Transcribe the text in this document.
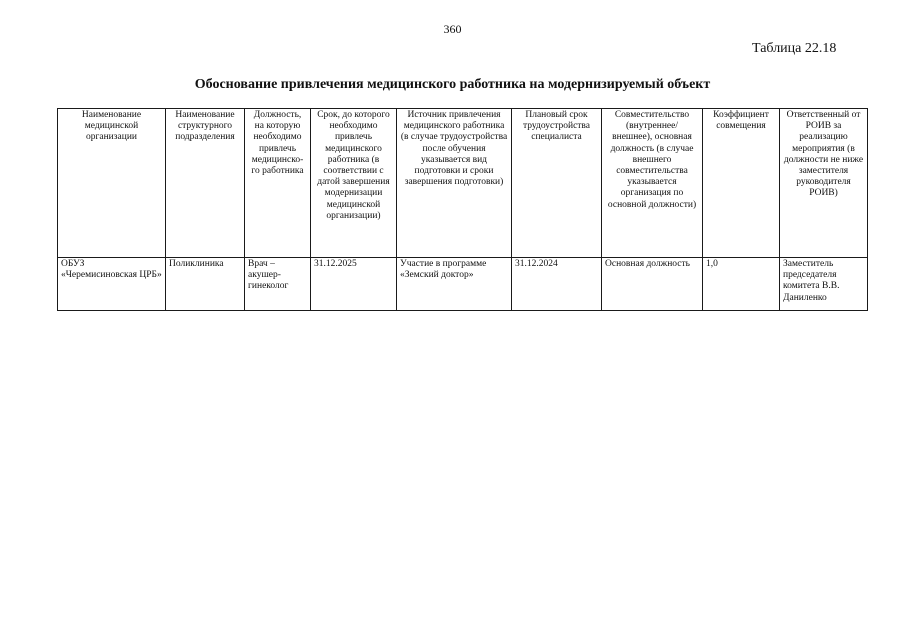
360
Таблица 22.18
Обоснование привлечения медицинского работника на модернизируемый объект
Наименование медицинской организации	Наименование структурного подразделения	Должность, на которую необходимо привлечь медицинско-го работника	Срок, до которого необходимо привлечь медицинского работника (в соответствии с датой завершения модернизации медицинской организации)	Источник привлечения медицинского работника (в случае трудоустройства после обучения указывается вид подготовки и сроки завершения подготовки)	Плановый срок трудоустройства специалиста	Совместительство (внутреннее/ внешнее), основная должность (в случае внешнего совместительства указывается организация по основной должности)	Коэффициент совмещения	Ответственный от РОИВ за реализацию мероприятия (в должности не ниже заместителя руководителя РОИВ)
ОБУЗ «Черемисиновская ЦРБ»	Поликлиника	Врач – акушер-гинеколог	31.12.2025	Участие в программе «Земский доктор»	31.12.2024	Основная должность	1,0	Заместитель председателя комитета В.В. Даниленко
